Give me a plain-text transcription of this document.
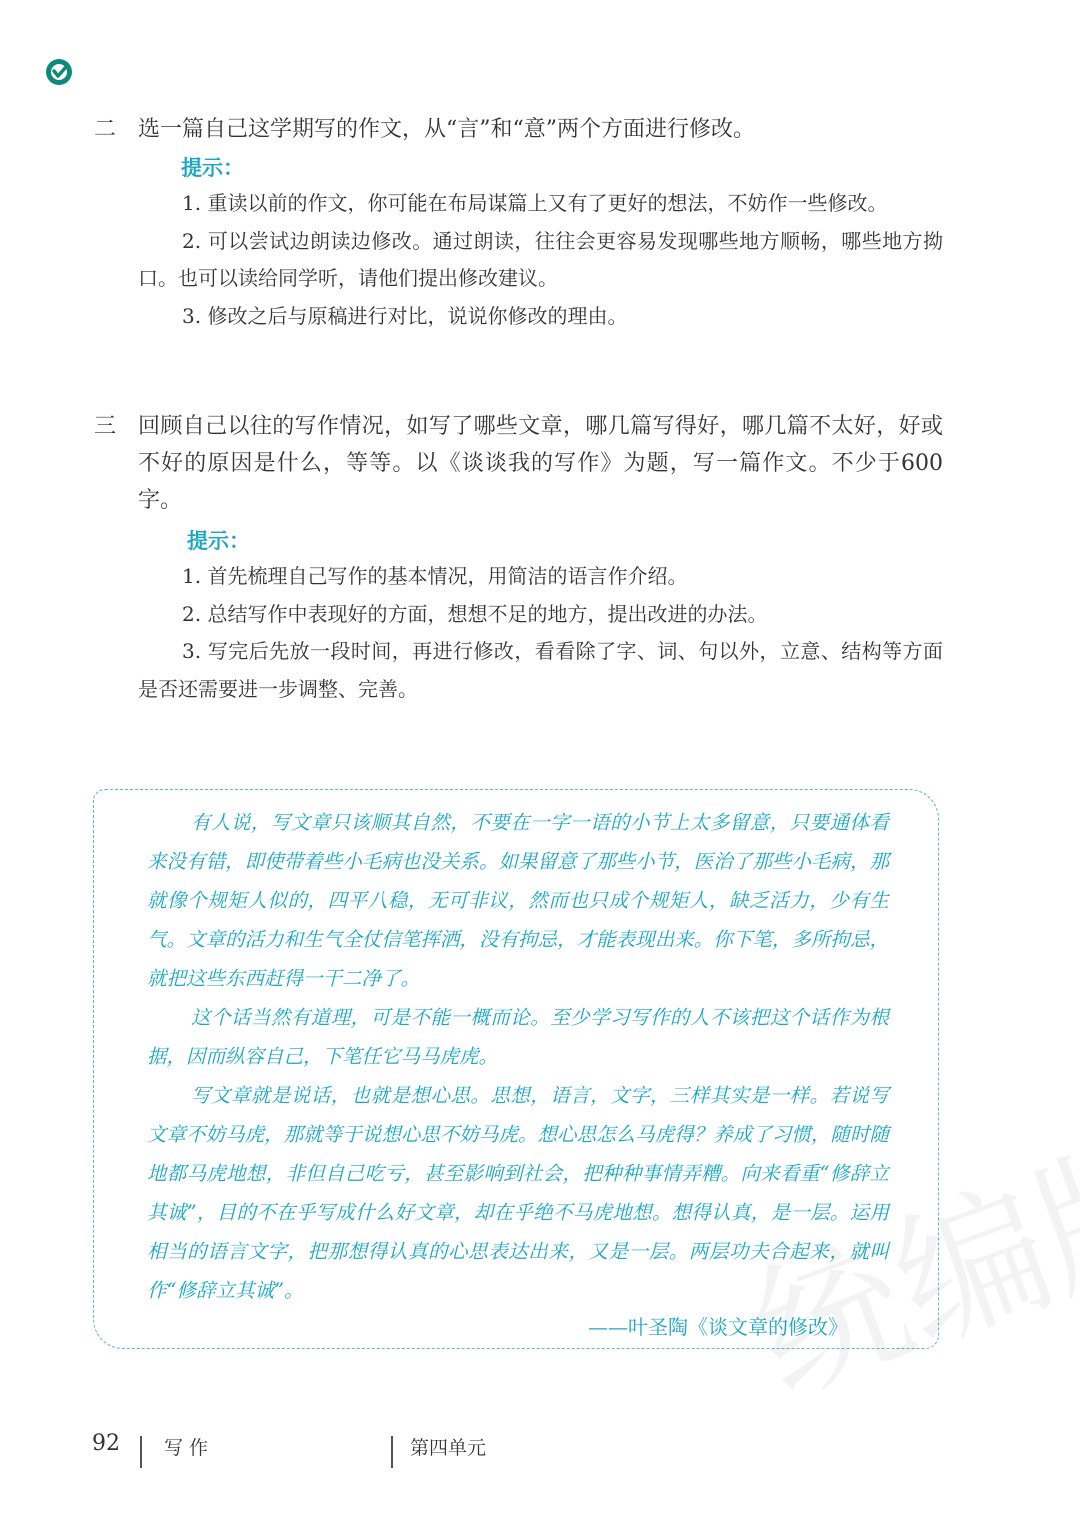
二 选一篇自己这学期写的作文，从“言”和“意”两个方面进行修改。
提示：
1. 重读以前的作文，你可能在布局谋篇上又有了更好的想法，不妨作一些修改。
2. 可以尝试边朗读边修改。通过朗读，往往会更容易发现哪些地方顺畅，哪些地方拗口。也可以读给同学听，请他们提出修改建议。
3. 修改之后与原稿进行对比，说说你修改的理由。
三 回顾自己以往的写作情况，如写了哪些文章，哪几篇写得好，哪几篇不太好，好或不好的原因是什么，等等。以《谈谈我的写作》为题，写一篇作文。不少于600字。
提示：
1. 首先梳理自己写作的基本情况，用简洁的语言作介绍。
2. 总结写作中表现好的方面，想想不足的地方，提出改进的办法。
3. 写完后先放一段时间，再进行修改，看看除了字、词、句以外，立意、结构等方面是否还需要进一步调整、完善。

有人说，写文章只该顺其自然，不要在一字一语的小节上太多留意，只要通体看来没有错，即使带着些小毛病也没关系。如果留意了那些小节，医治了那些小毛病，那就像个规矩人似的，四平八稳，无可非议，然而也只成个规矩人，缺乏活力，少有生气。文章的活力和生气全仗信笔挥洒，没有拘忌，才能表现出来。你下笔，多所拘忌，就把这些东西赶得一干二净了。

这个话当然有道理，可是不能一概而论。至少学习写作的人不该把这个话作为根据，因而纵容自己，下笔任它马马虎虎。

写文章就是说话，也就是想心思。思想，语言，文字，三样其实是一样。若说写文章不妨马虎，那就等于说想心思不妨马虎。想心思怎么马虎得？养成了习惯，随时随地都马虎地想，非但自己吃亏，甚至影响到社会，把种种事情弄糟。向来看重“修辞立其诚”，目的不在乎写成什么好文章，却在乎绝不马虎地想。想得认真，是一层。运用相当的语言文字，把那想得认真的心思表达出来，又是一层。两层功夫合起来，就叫作“修辞立其诚”。

——叶圣陶《谈文章的修改》
92 写 作	第四单元
